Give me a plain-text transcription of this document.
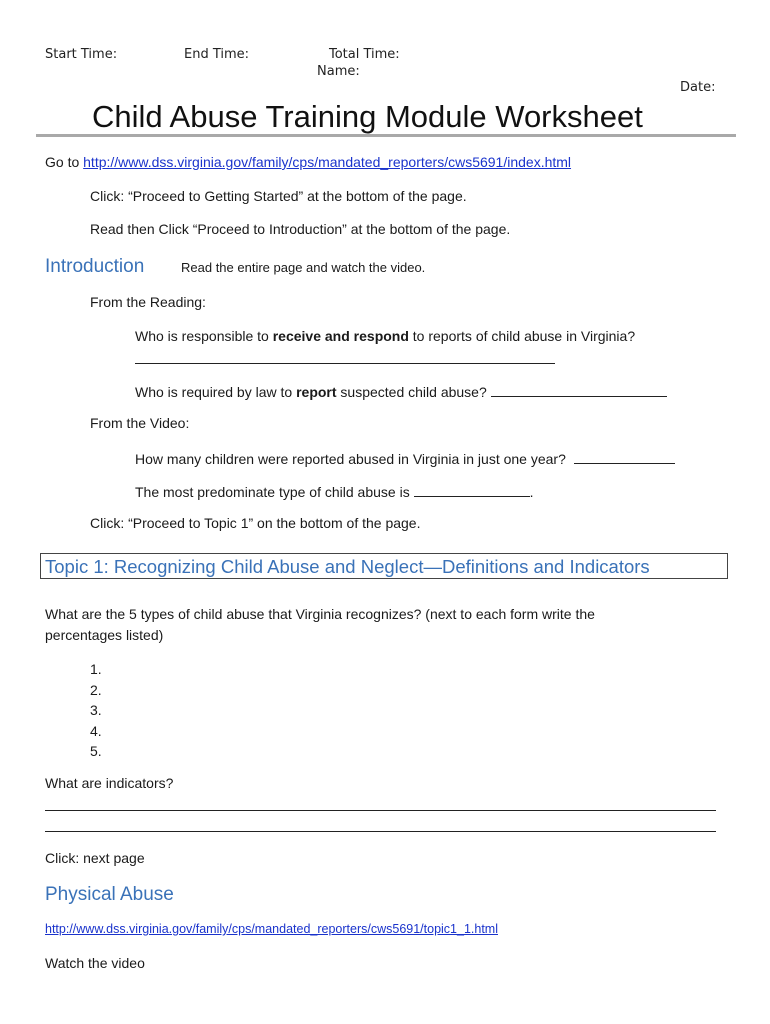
Start Time:	End Time:	Total Time:
Name:
Date:
Child Abuse Training Module Worksheet
Go to http://www.dss.virginia.gov/family/cps/mandated_reporters/cws5691/index.html
Click: “Proceed to Getting Started” at the bottom of the page.
Read then Click “Proceed to Introduction” at the bottom of the page.
Introduction	Read the entire page and watch the video.
From the Reading:
Who is responsible to receive and respond to reports of child abuse in Virginia?
Who is required by law to report suspected child abuse?
From the Video:
How many children were reported abused in Virginia in just one year?
The most predominate type of child abuse is	.
Click: “Proceed to Topic 1” on the bottom of the page.
Topic 1: Recognizing Child Abuse and Neglect—Definitions and Indicators
What are the 5 types of child abuse that Virginia recognizes? (next to each form write the
percentages listed)
1.
2.
3.
4.
5.
What are indicators?
Click: next page
Physical Abuse
http://www.dss.virginia.gov/family/cps/mandated_reporters/cws5691/topic1_1.html
Watch the video
